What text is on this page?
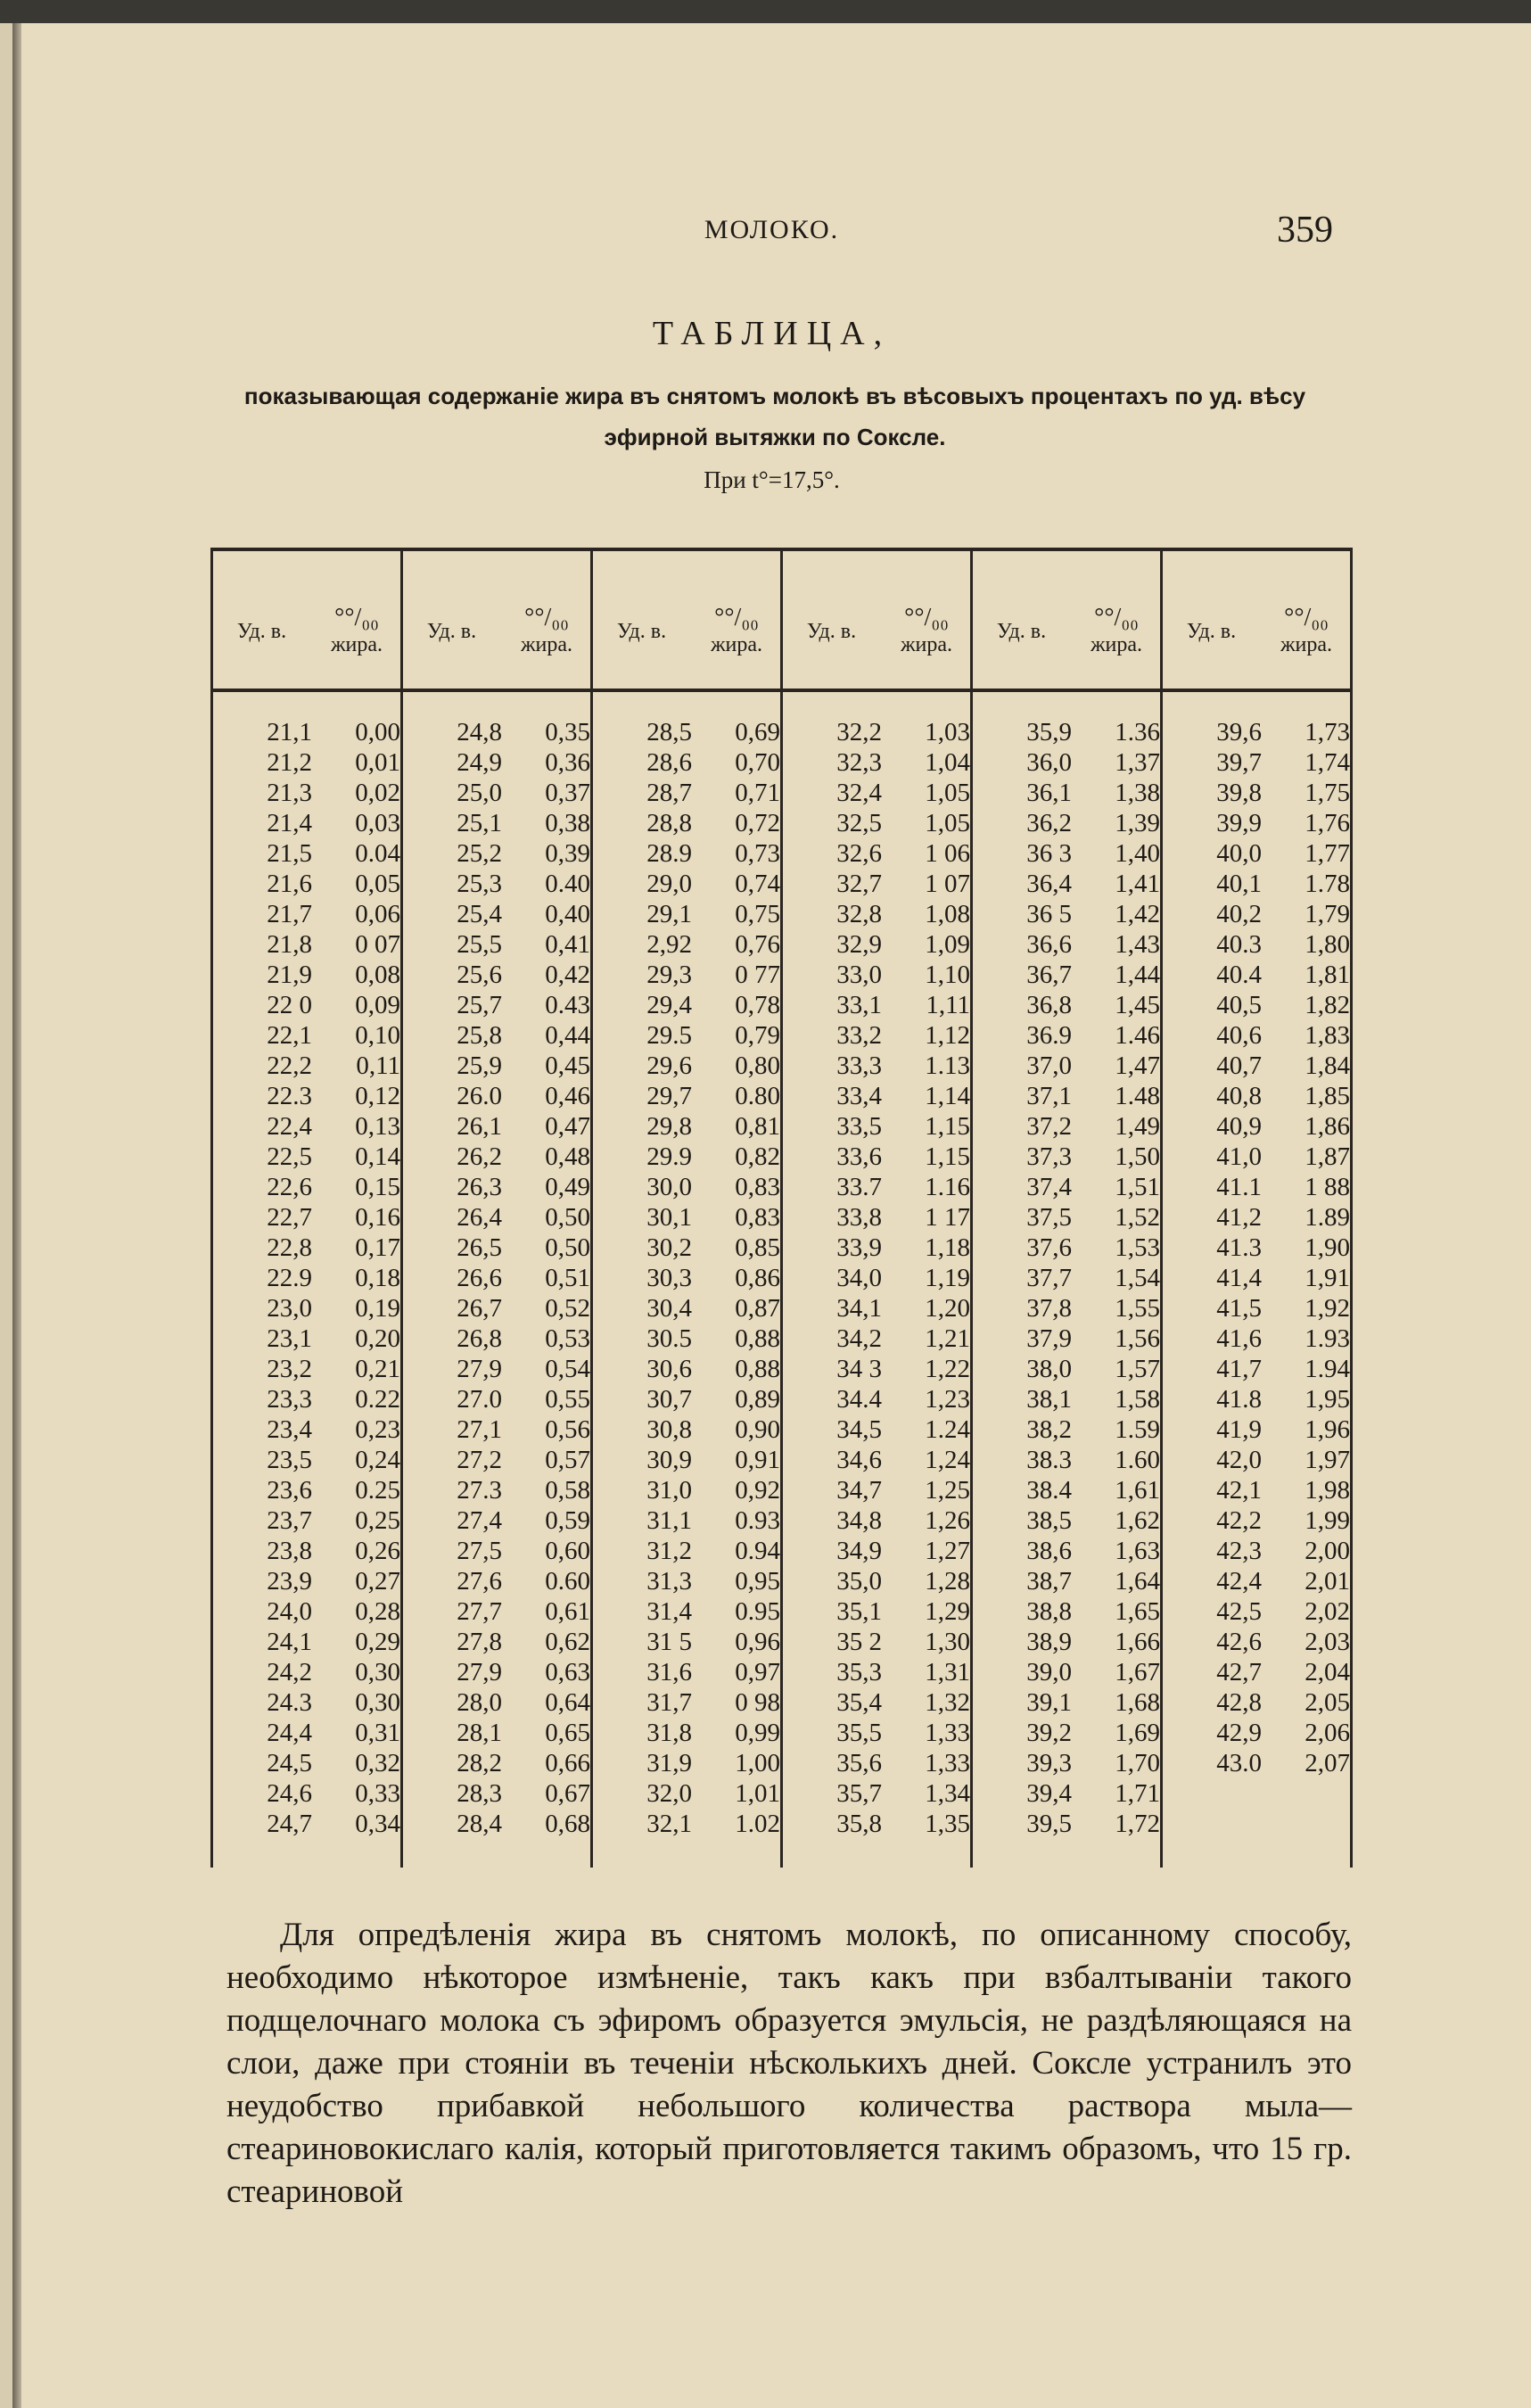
МОЛОКО.	359
ТАБЛИЦА,
показывающая содержаніе жира въ снятомъ молокѣ въ вѣсовыхъ процентахъ по уд. вѣсу эфирной вытяжки по Соксле.
При t°=17,5°.
Уд. в.	°°/₀₀
жира.
21,1	0,00
21,2	0,01
21,3	0,02
21,4	0,03
21,5	0.04
21,6	0,05
21,7	0,06
21,8	0 07
21,9	0,08
22 0	0,09
22,1	0,10
22,2	0,11
22.3	0,12
22,4	0,13
22,5	0,14
22,6	0,15
22,7	0,16
22,8	0,17
22.9	0,18
23,0	0,19
23,1	0,20
23,2	0,21
23,3	0.22
23,4	0,23
23,5	0,24
23,6	0.25
23,7	0,25
23,8	0,26
23,9	0,27
24,0	0,28
24,1	0,29
24,2	0,30
24.3	0,30
24,4	0,31
24,5	0,32
24,6	0,33
24,7	0,34
Уд. в.	°°/₀₀
жира.
24,8	0,35
24,9	0,36
25,0	0,37
25,1	0,38
25,2	0,39
25,3	0.40
25,4	0,40
25,5	0,41
25,6	0,42
25,7	0.43
25,8	0,44
25,9	0,45
26.0	0,46
26,1	0,47
26,2	0,48
26,3	0,49
26,4	0,50
26,5	0,50
26,6	0,51
26,7	0,52
26,8	0,53
27,9	0,54
27.0	0,55
27,1	0,56
27,2	0,57
27.3	0,58
27,4	0,59
27,5	0,60
27,6	0.60
27,7	0,61
27,8	0,62
27,9	0,63
28,0	0,64
28,1	0,65
28,2	0,66
28,3	0,67
28,4	0,68
Уд. в.	°°/₀₀
жира.
28,5	0,69
28,6	0,70
28,7	0,71
28,8	0,72
28.9	0,73
29,0	0,74
29,1	0,75
2,92	0,76
29,3	0 77
29,4	0,78
29.5	0,79
29,6	0,80
29,7	0.80
29,8	0,81
29.9	0,82
30,0	0,83
30,1	0,83
30,2	0,85
30,3	0,86
30,4	0,87
30.5	0,88
30,6	0,88
30,7	0,89
30,8	0,90
30,9	0,91
31,0	0,92
31,1	0.93
31,2	0.94
31,3	0,95
31,4	0.95
31 5	0,96
31,6	0,97
31,7	0 98
31,8	0,99
31,9	1,00
32,0	1,01
32,1	1.02
Уд. в.	°°/₀₀
жира.
32,2	1,03
32,3	1,04
32,4	1,05
32,5	1,05
32,6	1 06
32,7	1 07
32,8	1,08
32,9	1,09
33,0	1,10
33,1	1,11
33,2	1,12
33,3	1.13
33,4	1,14
33,5	1,15
33,6	1,15
33.7	1.16
33,8	1 17
33,9	1,18
34,0	1,19
34,1	1,20
34,2	1,21
34 3	1,22
34.4	1,23
34,5	1.24
34,6	1,24
34,7	1,25
34,8	1,26
34,9	1,27
35,0	1,28
35,1	1,29
35 2	1,30
35,3	1,31
35,4	1,32
35,5	1,33
35,6	1,33
35,7	1,34
35,8	1,35
Уд. в.	°°/₀₀
жира.
35,9	1.36
36,0	1,37
36,1	1,38
36,2	1,39
36 3	1,40
36,4	1,41
36 5	1,42
36,6	1,43
36,7	1,44
36,8	1,45
36.9	1.46
37,0	1,47
37,1	1.48
37,2	1,49
37,3	1,50
37,4	1,51
37,5	1,52
37,6	1,53
37,7	1,54
37,8	1,55
37,9	1,56
38,0	1,57
38,1	1,58
38,2	1.59
38.3	1.60
38.4	1,61
38,5	1,62
38,6	1,63
38,7	1,64
38,8	1,65
38,9	1,66
39,0	1,67
39,1	1,68
39,2	1,69
39,3	1,70
39,4	1,71
39,5	1,72
Уд. в.	°°/₀₀
жира.
39,6	1,73
39,7	1,74
39,8	1,75
39,9	1,76
40,0	1,77
40,1	1.78
40,2	1,79
40.3	1,80
40.4	1,81
40,5	1,82
40,6	1,83
40,7	1,84
40,8	1,85
40,9	1,86
41,0	1,87
41.1	1 88
41,2	1.89
41.3	1,90
41,4	1,91
41,5	1,92
41,6	1.93
41,7	1.94
41.8	1,95
41,9	1,96
42,0	1,97
42,1	1,98
42,2	1,99
42,3	2,00
42,4	2,01
42,5	2,02
42,6	2,03
42,7	2,04
42,8	2,05
42,9	2,06
43.0	2,07

Для опредѣленія жира въ снятомъ молокѣ, по описанному способу, необходимо нѣкоторое измѣненіе, такъ какъ при взбалтываніи такого подщелочнаго молока съ эфиромъ образуется эмульсія, не раздѣляющаяся на слои, даже при стояніи въ теченіи нѣсколькихъ дней. Соксле устранилъ это неудобство прибавкой небольшого количества раствора мыла—стеариновокислаго калія, который приготовляется такимъ образомъ, что 15 гр. стеариновой
